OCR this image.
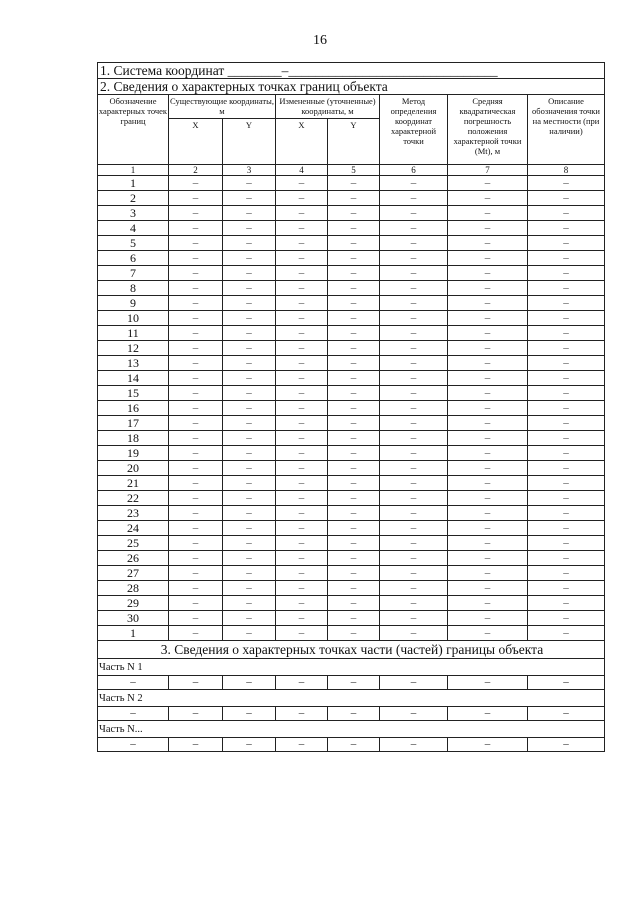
16
1. Система координат ________–_______________________________							
2. Сведения о характерных точках границ объекта							
Обозначение характерных точек границ	Существующие координаты, м		Измененные (уточненные) координаты, м		Метод определения координат характерной точки	Средняя квадратическая погрешность положения характерной точки (Mt), м	Описание обозначения точки на местности (при наличии)
	X	Y	X	Y			
1	2	3	4	5	6	7	8
1	–	–	–	–	–	–	–
2	–	–	–	–	–	–	–
3	–	–	–	–	–	–	–
4	–	–	–	–	–	–	–
5	–	–	–	–	–	–	–
6	–	–	–	–	–	–	–
7	–	–	–	–	–	–	–
8	–	–	–	–	–	–	–
9	–	–	–	–	–	–	–
10	–	–	–	–	–	–	–
11	–	–	–	–	–	–	–
12	–	–	–	–	–	–	–
13	–	–	–	–	–	–	–
14	–	–	–	–	–	–	–
15	–	–	–	–	–	–	–
16	–	–	–	–	–	–	–
17	–	–	–	–	–	–	–
18	–	–	–	–	–	–	–
19	–	–	–	–	–	–	–
20	–	–	–	–	–	–	–
21	–	–	–	–	–	–	–
22	–	–	–	–	–	–	–
23	–	–	–	–	–	–	–
24	–	–	–	–	–	–	–
25	–	–	–	–	–	–	–
26	–	–	–	–	–	–	–
27	–	–	–	–	–	–	–
28	–	–	–	–	–	–	–
29	–	–	–	–	–	–	–
30	–	–	–	–	–	–	–
1	–	–	–	–	–	–	–
3. Сведения о характерных точках части (частей) границы объекта							
Часть N 1							
–	–	–	–	–	–	–	–
Часть N 2							
–	–	–	–	–	–	–	–
Часть N...							
–	–	–	–	–	–	–	–
